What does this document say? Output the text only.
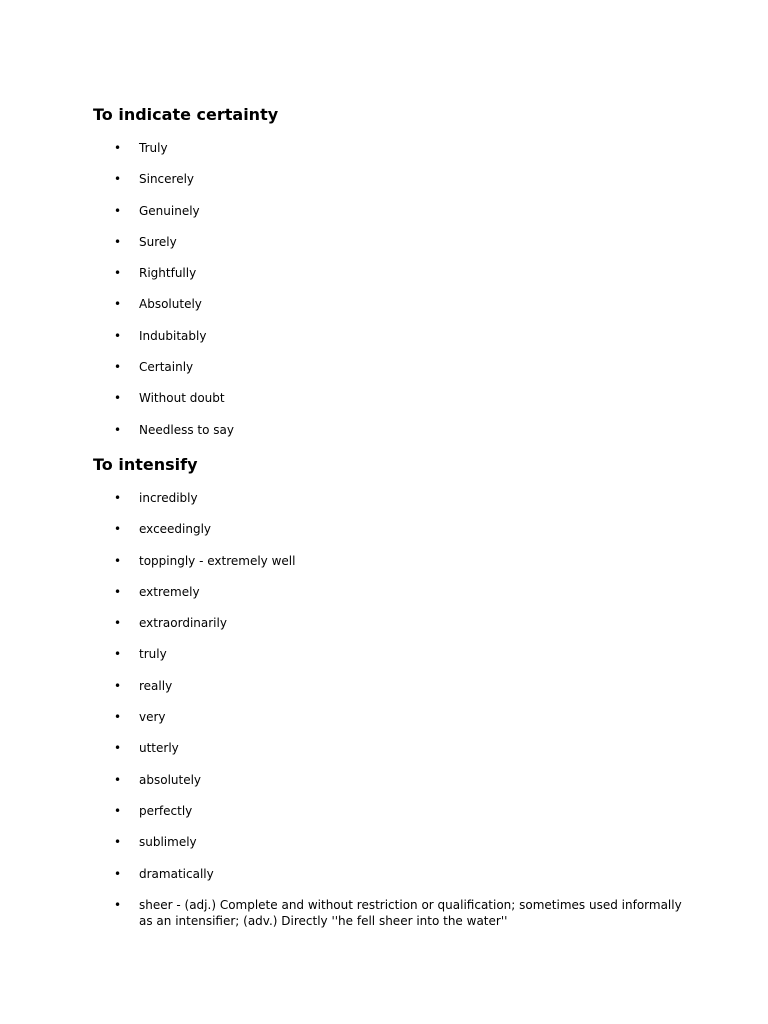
To indicate certainty
• Truly
• Sincerely
• Genuinely
• Surely
• Rightfully
• Absolutely
• Indubitably
• Certainly
• Without doubt
• Needless to say
To intensify
• incredibly
• exceedingly
• toppingly - extremely well
• extremely
• extraordinarily
• truly
• really
• very
• utterly
• absolutely
• perfectly
• sublimely
• dramatically
• sheer - (adj.) Complete and without restriction or qualification; sometimes used informally as an intensifier; (adv.) Directly ''he fell sheer into the water''
